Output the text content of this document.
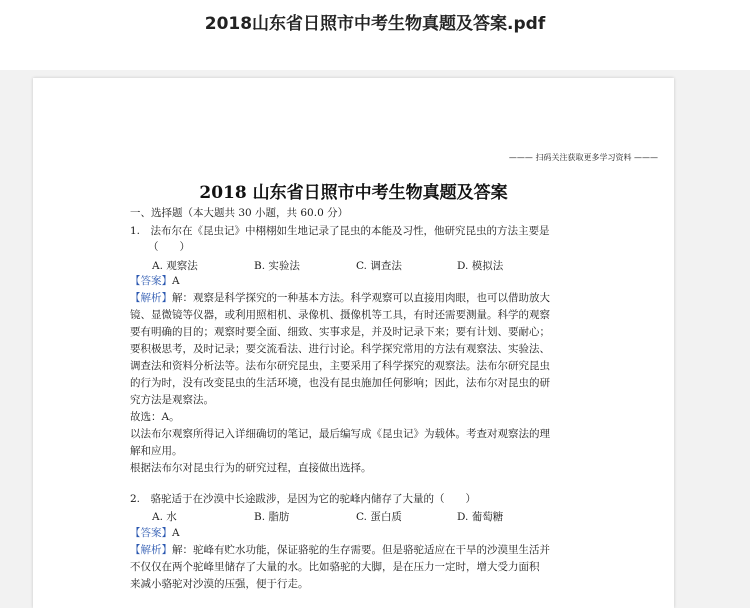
2018山东省日照市中考生物真题及答案.pdf
——— 扫码关注获取更多学习资料 ———
2018 山东省日照市中考生物真题及答案
一、选择题（本大题共 30 小题，共 60.0 分）
1.　法布尔在《昆虫记》中栩栩如生地记录了昆虫的本能及习性，他研究昆虫的方法主要是
（　　）
A. 观察法	B. 实验法	C. 调查法	D. 模拟法
【答案】A
【解析】解：观察是科学探究的一种基本方法。科学观察可以直接用肉眼，也可以借助放大
镜、显微镜等仪器，或利用照相机、录像机、摄像机等工具，有时还需要测量。科学的观察
要有明确的目的；观察时要全面、细致、实事求是，并及时记录下来；要有计划、要耐心；
要积极思考，及时记录；要交流看法、进行讨论。科学探究常用的方法有观察法、实验法、
调查法和资料分析法等。法布尔研究昆虫，主要采用了科学探究的观察法。法布尔研究昆虫
的行为时，没有改变昆虫的生活环境，也没有昆虫施加任何影响；因此，法布尔对昆虫的研
究方法是观察法。
故选：A。
以法布尔观察所得记入详细确切的笔记，最后编写成《昆虫记》为载体。考查对观察法的理
解和应用。
根据法布尔对昆虫行为的研究过程，直接做出选择。
2.　骆驼适于在沙漠中长途跋涉，是因为它的驼峰内储存了大量的（　　）
A. 水	B. 脂肪	C. 蛋白质	D. 葡萄糖
【答案】A
【解析】解：驼峰有贮水功能，保证骆驼的生存需要。但是骆驼适应在干旱的沙漠里生活并
不仅仅在两个驼峰里储存了大量的水。比如骆驼的大脚，是在压力一定时，增大受力面积
来减小骆驼对沙漠的压强，便于行走。
